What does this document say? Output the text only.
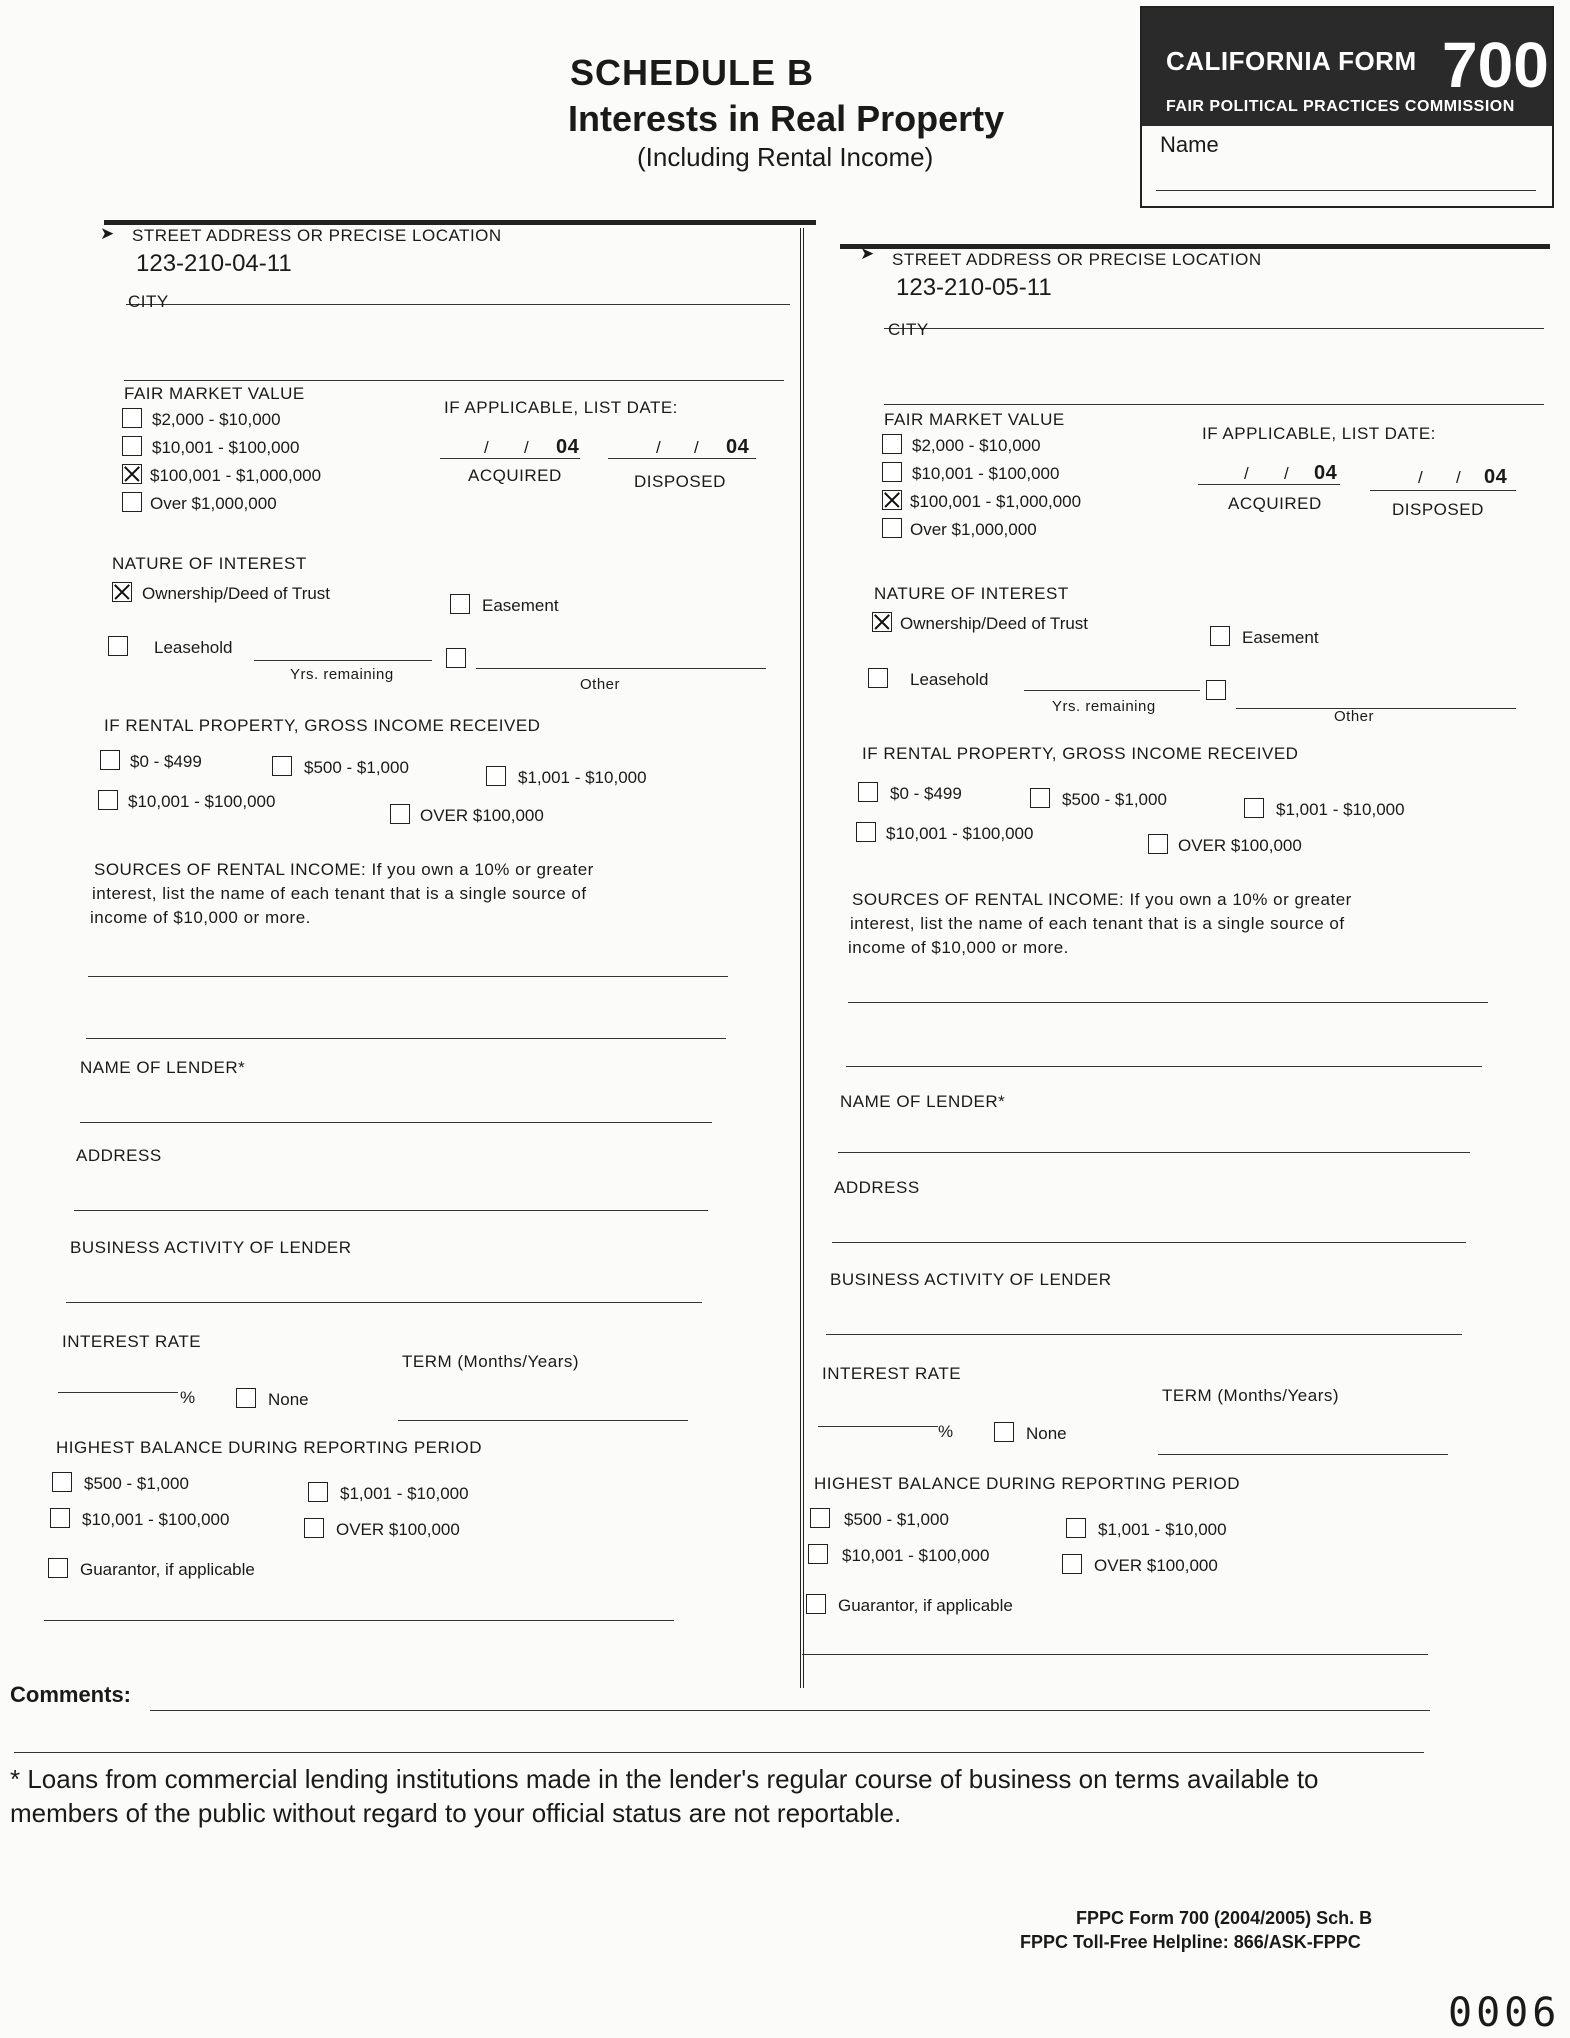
SCHEDULE B
Interests in Real Property
(Including Rental Income)
CALIFORNIA FORM 700
FAIR POLITICAL PRACTICES COMMISSION
Name
➤ STREET ADDRESS OR PRECISE LOCATION
123-210-04-11
CITY
FAIR MARKET VALUE
$2,000 - $10,000
$10,001 - $100,000
$100,001 - $1,000,000
Over $1,000,000
IF APPLICABLE, LIST DATE:
/ / 04
ACQUIRED
/ / 04
DISPOSED
NATURE OF INTEREST
Ownership/Deed of Trust
Easement
Leasehold
Yrs. remaining
Other
IF RENTAL PROPERTY, GROSS INCOME RECEIVED
$0 - $499	$500 - $1,000
$1,001 - $10,000
$10,001 - $100,000
OVER $100,000
SOURCES OF RENTAL INCOME: If you own a 10% or greater
interest, list the name of each tenant that is a single source of
income of $10,000 or more.
NAME OF LENDER*
ADDRESS
BUSINESS ACTIVITY OF LENDER
INTEREST RATE
%	None
TERM (Months/Years)
HIGHEST BALANCE DURING REPORTING PERIOD
$500 - $1,000
$1,001 - $10,000
$10,001 - $100,000
OVER $100,000
Guarantor, if applicable
➤ STREET ADDRESS OR PRECISE LOCATION
123-210-05-11
CITY
FAIR MARKET VALUE
$2,000 - $10,000
$10,001 - $100,000
$100,001 - $1,000,000
Over $1,000,000
IF APPLICABLE, LIST DATE:
/ / 04
ACQUIRED
/ / 04
DISPOSED
NATURE OF INTEREST
Ownership/Deed of Trust
Easement
Leasehold
Yrs. remaining
Other
IF RENTAL PROPERTY, GROSS INCOME RECEIVED
$0 - $499	$500 - $1,000
$1,001 - $10,000
$10,001 - $100,000
OVER $100,000
SOURCES OF RENTAL INCOME: If you own a 10% or greater
interest, list the name of each tenant that is a single source of
income of $10,000 or more.
NAME OF LENDER*
ADDRESS
BUSINESS ACTIVITY OF LENDER
INTEREST RATE
%	None
TERM (Months/Years)
HIGHEST BALANCE DURING REPORTING PERIOD
$500 - $1,000
$1,001 - $10,000
$10,001 - $100,000
OVER $100,000
Guarantor, if applicable
Comments:
* Loans from commercial lending institutions made in the lender's regular course of business on terms available to members of the public without regard to your official status are not reportable.
FPPC Form 700 (2004/2005) Sch. B
FPPC Toll-Free Helpline: 866/ASK-FPPC
0006
